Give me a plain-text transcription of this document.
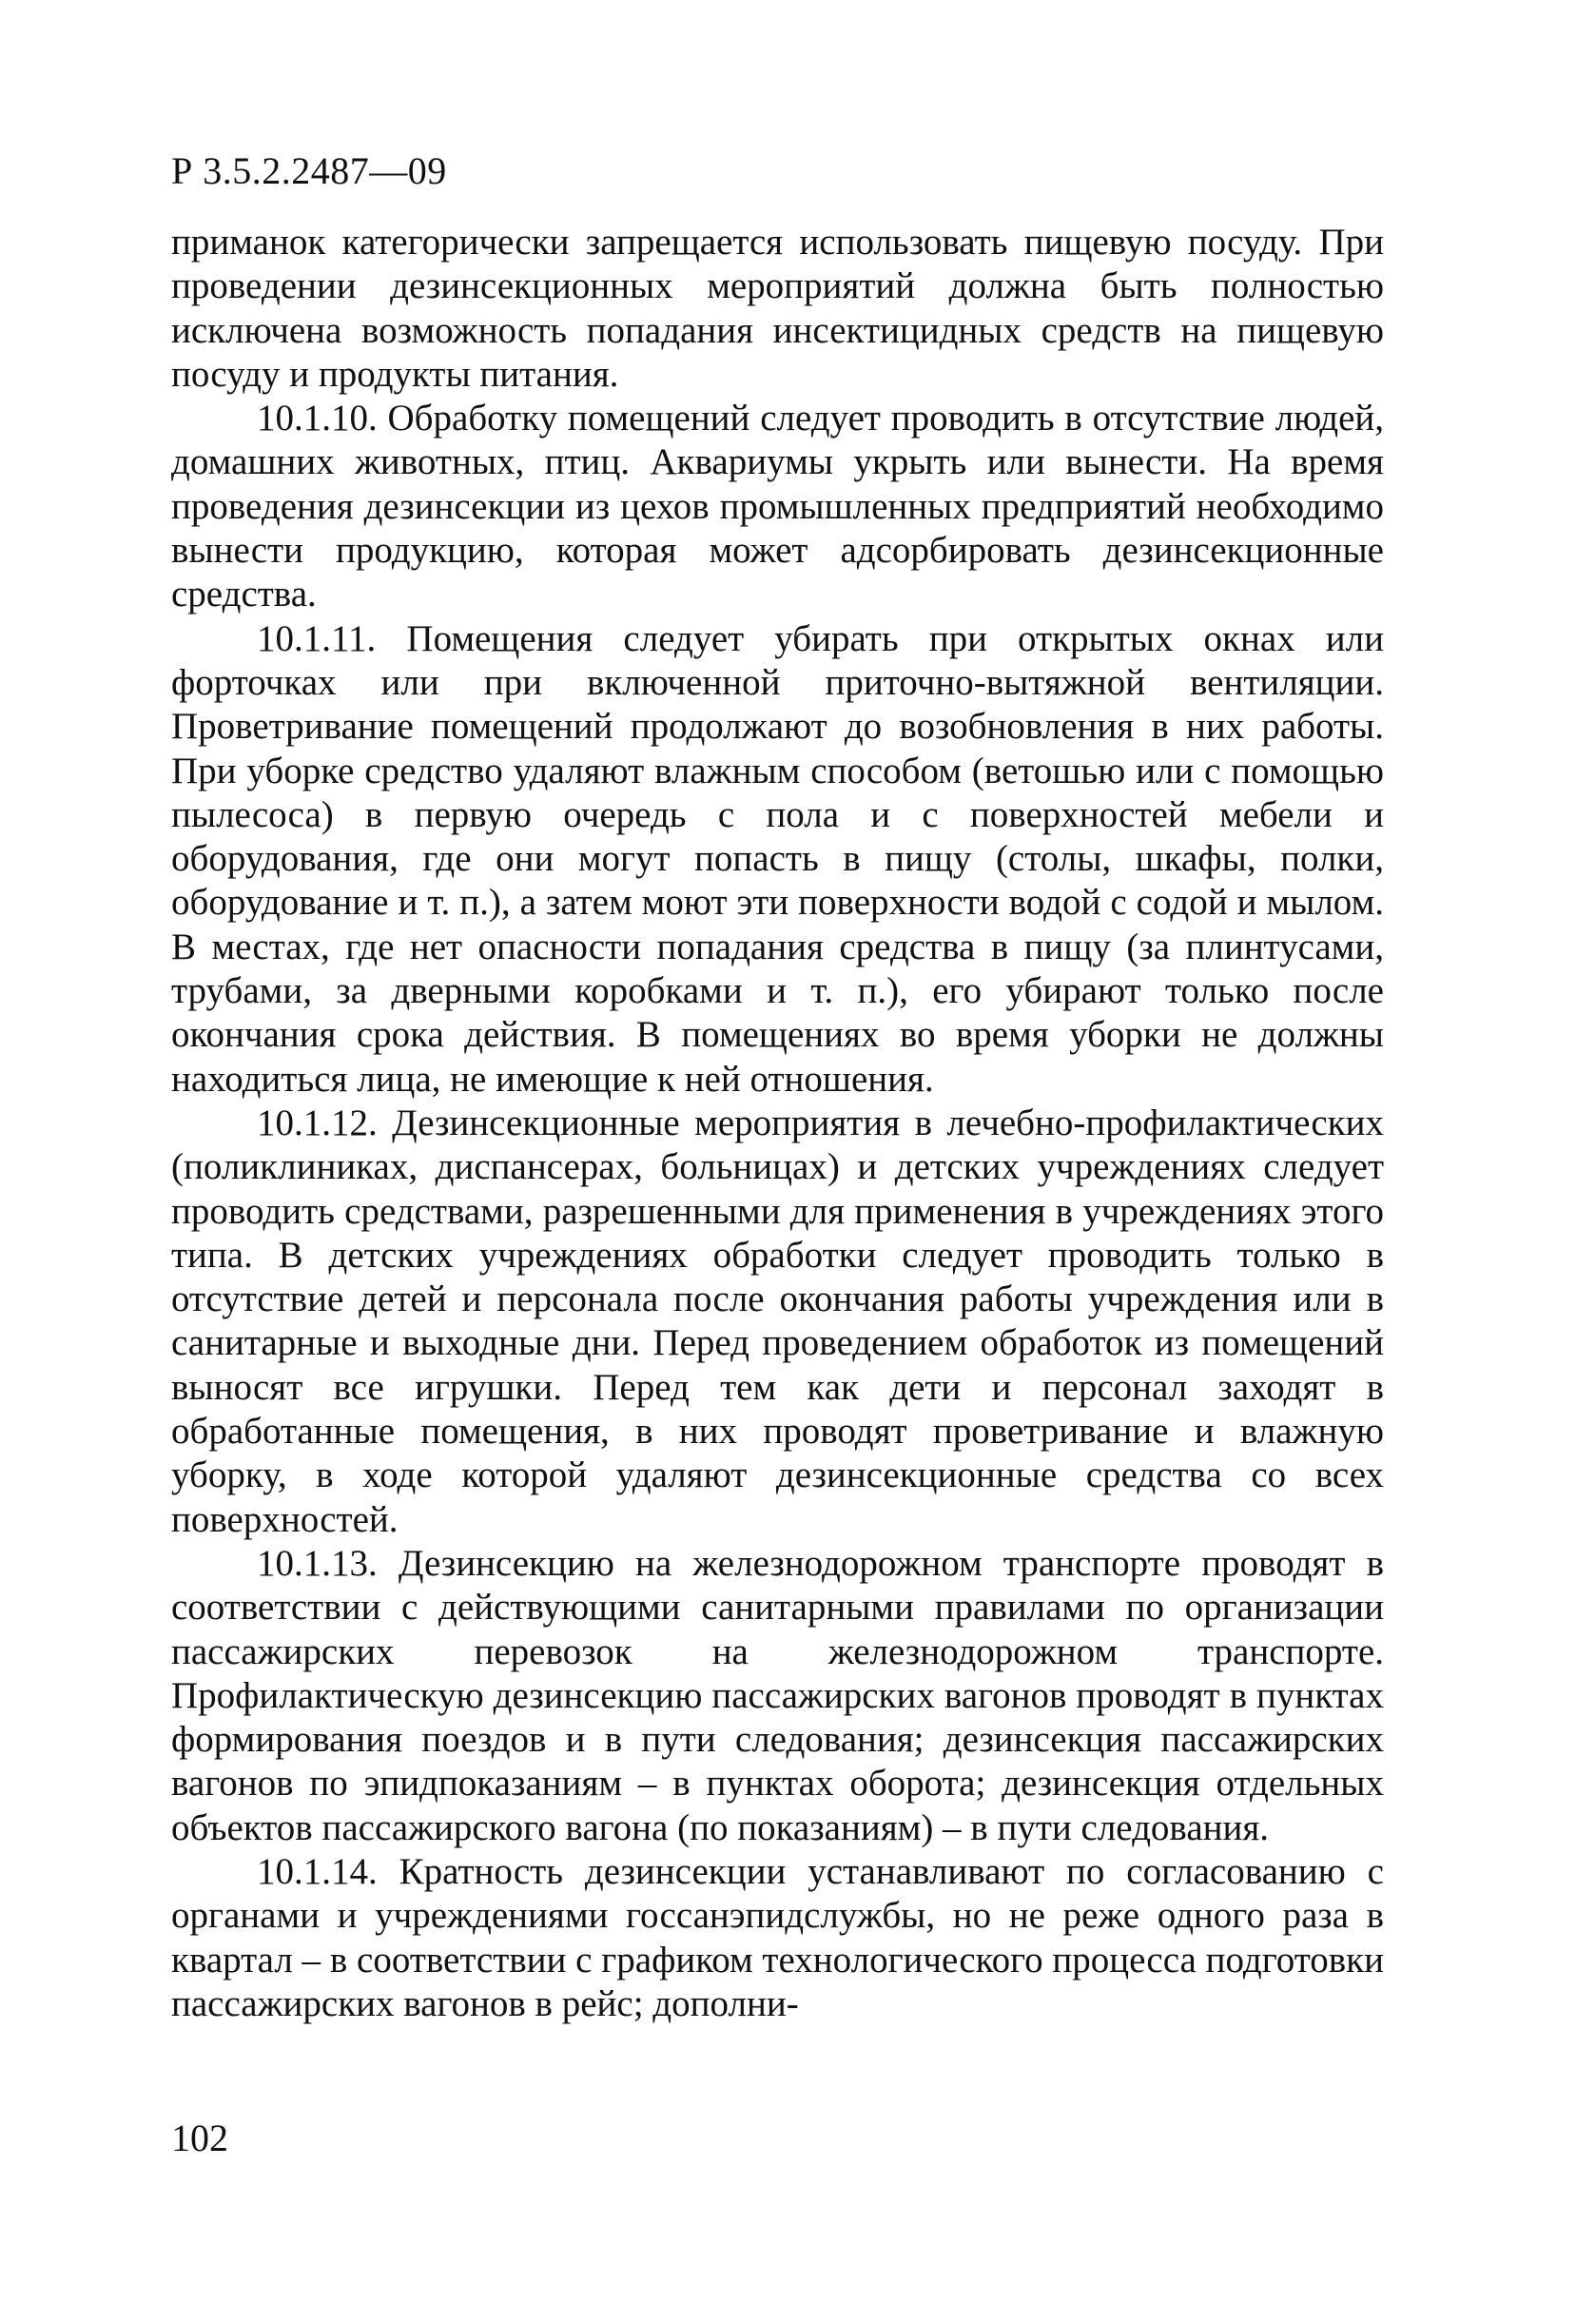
Р 3.5.2.2487—09

приманок категорически запрещается использовать пищевую посуду. При проведении дезинсекционных мероприятий должна быть полностью исключена возможность попадания инсектицидных средств на пищевую посуду и продукты питания.

10.1.10. Обработку помещений следует проводить в отсутствие людей, домашних животных, птиц. Аквариумы укрыть или вынести. На время проведения дезинсекции из цехов промышленных предприятий необходимо вынести продукцию, которая может адсорбировать дезинсекционные средства.

10.1.11. Помещения следует убирать при открытых окнах или форточках или при включенной приточно-вытяжной вентиляции. Проветривание помещений продолжают до возобновления в них работы. При уборке средство удаляют влажным способом (ветошью или с помощью пылесоса) в первую очередь с пола и с поверхностей мебели и оборудования, где они могут попасть в пищу (столы, шкафы, полки, оборудование и т. п.), а затем моют эти поверхности водой с содой и мылом. В местах, где нет опасности попадания средства в пищу (за плинтусами, трубами, за дверными коробками и т. п.), его убирают только после окончания срока действия. В помещениях во время уборки не должны находиться лица, не имеющие к ней отношения.

10.1.12. Дезинсекционные мероприятия в лечебно-профилактических (поликлиниках, диспансерах, больницах) и детских учреждениях следует проводить средствами, разрешенными для применения в учреждениях этого типа. В детских учреждениях обработки следует проводить только в отсутствие детей и персонала после окончания работы учреждения или в санитарные и выходные дни. Перед проведением обработок из помещений выносят все игрушки. Перед тем как дети и персонал заходят в обработанные помещения, в них проводят проветривание и влажную уборку, в ходе которой удаляют дезинсекционные средства со всех поверхностей.

10.1.13. Дезинсекцию на железнодорожном транспорте проводят в соответствии с действующими санитарными правилами по организации пассажирских перевозок на железнодорожном транспорте. Профилактическую дезинсекцию пассажирских вагонов проводят в пунктах формирования поездов и в пути следования; дезинсекция пассажирских вагонов по эпидпоказаниям – в пунктах оборота; дезинсекция отдельных объектов пассажирского вагона (по показаниям) – в пути следования.

10.1.14. Кратность дезинсекции устанавливают по согласованию с органами и учреждениями госсанэпидслужбы, но не реже одного раза в квартал – в соответствии с графиком технологического процесса подготовки пассажирских вагонов в рейс; дополни-

102
